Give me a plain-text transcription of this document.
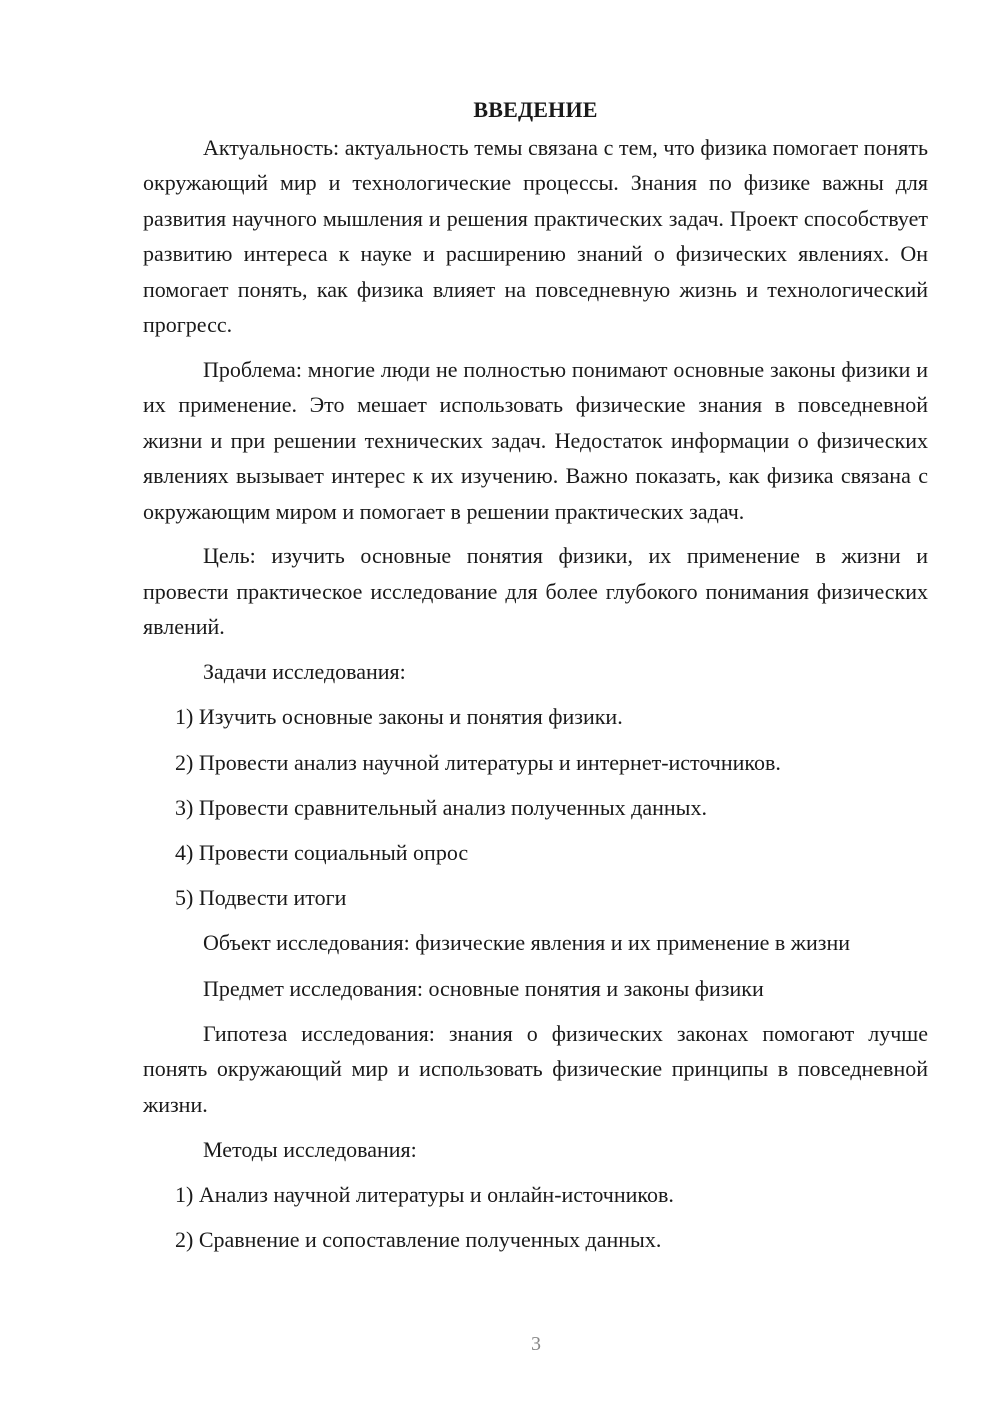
ВВЕДЕНИЕ

Актуальность: актуальность темы связана с тем, что физика помогает понять окружающий мир и технологические процессы. Знания по физике важны для развития научного мышления и решения практических задач. Проект способствует развитию интереса к науке и расширению знаний о физических явлениях. Он помогает понять, как физика влияет на повседневную жизнь и технологический прогресс.

Проблема: многие люди не полностью понимают основные законы физики и их применение. Это мешает использовать физические знания в повседневной жизни и при решении технических задач. Недостаток информации о физических явлениях вызывает интерес к их изучению. Важно показать, как физика связана с окружающим миром и помогает в решении практических задач.

Цель: изучить основные понятия физики, их применение в жизни и провести практическое исследование для более глубокого понимания физических явлений.

Задачи исследования:
1) Изучить основные законы и понятия физики.
2) Провести анализ научной литературы и интернет-источников.
3) Провести сравнительный анализ полученных данных.
4) Провести социальный опрос
5) Подвести итоги
Объект исследования: физические явления и их применение в жизни
Предмет исследования: основные понятия и законы физики

Гипотеза исследования: знания о физических законах помогают лучше понять окружающий мир и использовать физические принципы в повседневной жизни.

Методы исследования:
1) Анализ научной литературы и онлайн-источников.
2) Сравнение и сопоставление полученных данных.
3
